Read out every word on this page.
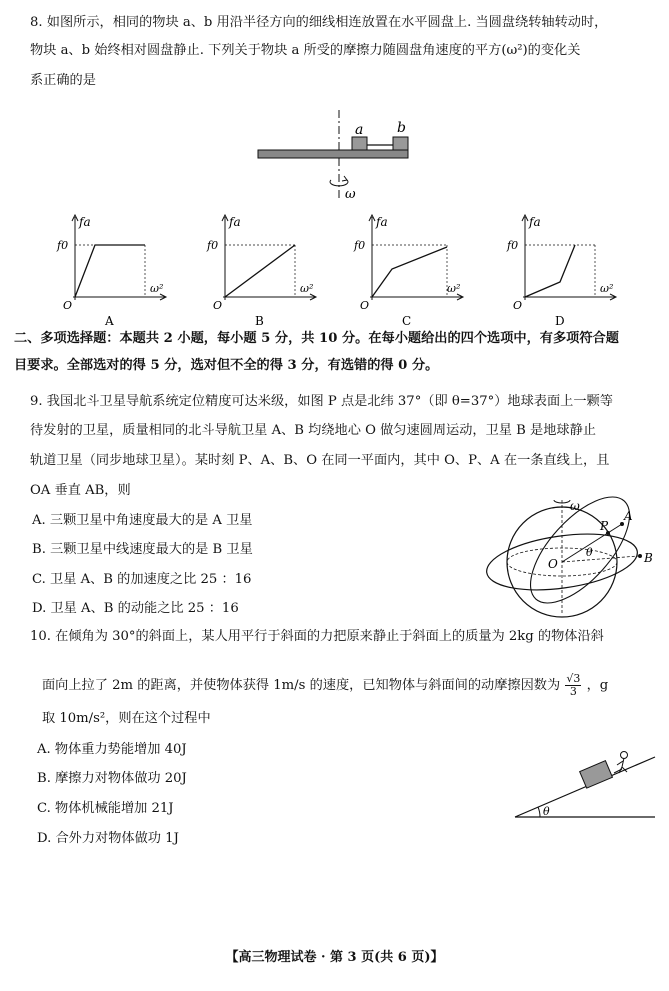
8. 如图所示，相同的物块 a、b 用沿半径方向的细线相连放置在水平圆盘上. 当圆盘绕转轴转动时，
物块 a、b 始终相对圆盘静止. 下列关于物块 a 所受的摩擦力随圆盘角速度的平方(ω²)的变化关
系正确的是
a b
ω
fa
f0
O
ω²
A
fa
f0
O
ω²
B
fa
f0
O
ω²
C
fa
f0
O
ω²
D
二、多项选择题：本题共 2 小题，每小题 5 分，共 10 分。在每小题给出的四个选项中，有多项符合题
目要求。全部选对的得 5 分，选对但不全的得 3 分，有选错的得 0 分。
9. 我国北斗卫星导航系统定位精度可达米级，如图 P 点是北纬 37°（即 θ=37°）地球表面上一颗等
待发射的卫星，质量相同的北斗导航卫星 A、B 均绕地心 O 做匀速圆周运动，卫星 B 是地球静止
轨道卫星（同步地球卫星）。某时刻 P、A、B、O 在同一平面内，其中 O、P、A 在一条直线上，且
OA 垂直 AB，则
A. 三颗卫星中角速度最大的是 A 卫星
B. 三颗卫星中线速度最大的是 B 卫星
C. 卫星 A、B 的加速度之比 25 ：16
D. 卫星 A、B 的动能之比 25 ：16
ω
P
A
B
O
θ
10. 在倾角为 30°的斜面上，某人用平行于斜面的力把原来静止于斜面上的质量为 2kg 的物体沿斜
面向上拉了 2m 的距离，并使物体获得 1m/s 的速度，已知物体与斜面间的动摩擦因数为 $\frac{√3}{3}$ ，g
取 10m/s²，则在这个过程中
A. 物体重力势能增加 40J
B. 摩擦力对物体做功 20J
C. 物体机械能增加 21J
D. 合外力对物体做功 1J
θ
【高三物理试卷 · 第 3 页(共 6 页)】
